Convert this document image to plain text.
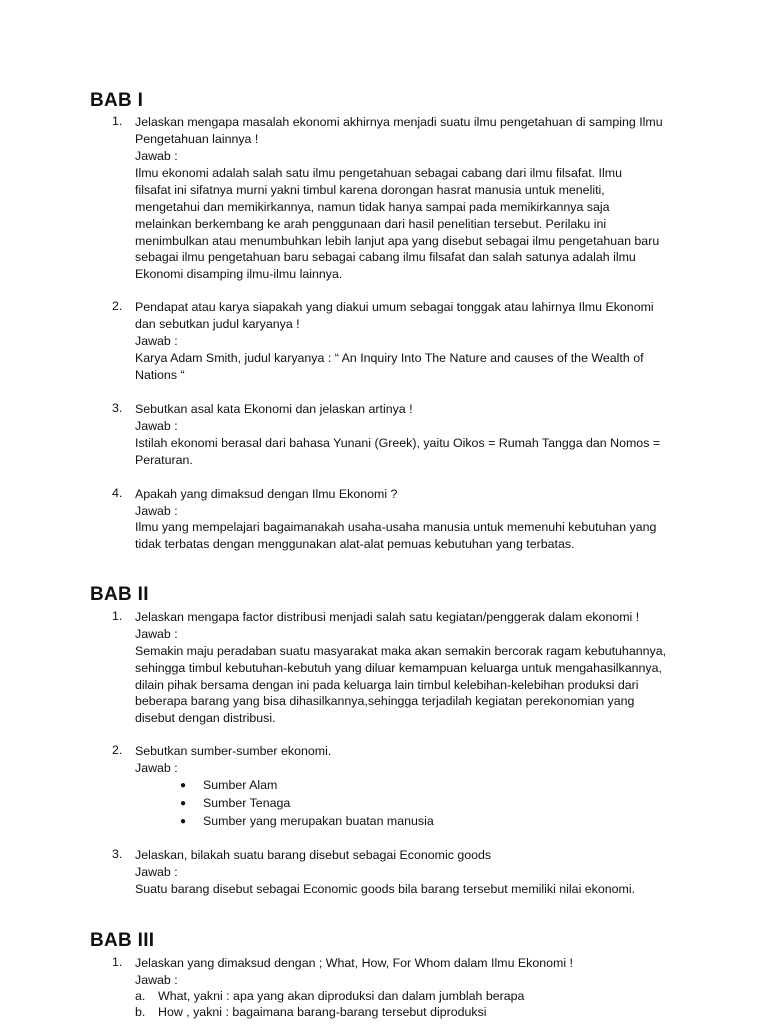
BAB I
1. Jelaskan mengapa masalah ekonomi akhirnya menjadi suatu ilmu pengetahuan di samping Ilmu
Pengetahuan lainnya !
Jawab :
Ilmu ekonomi adalah salah satu ilmu pengetahuan sebagai cabang dari ilmu filsafat. Ilmu
filsafat ini sifatnya murni yakni timbul karena dorongan hasrat manusia untuk meneliti,
mengetahui dan memikirkannya, namun tidak hanya sampai pada memikirkannya saja
melainkan berkembang ke arah penggunaan dari hasil penelitian tersebut. Perilaku ini
menimbulkan atau menumbuhkan lebih lanjut apa yang disebut sebagai ilmu pengetahuan baru
sebagai ilmu pengetahuan baru sebagai cabang ilmu filsafat dan salah satunya adalah ilmu
Ekonomi disamping ilmu-ilmu lainnya.
2. Pendapat atau karya siapakah yang diakui umum sebagai tonggak atau lahirnya Ilmu Ekonomi
dan sebutkan judul karyanya !
Jawab :
Karya Adam Smith, judul karyanya : “ An Inquiry Into The Nature and causes of the Wealth of
Nations “
3. Sebutkan asal kata Ekonomi dan jelaskan artinya !
Jawab :
Istilah ekonomi berasal dari bahasa Yunani (Greek), yaitu Oikos = Rumah Tangga dan Nomos =
Peraturan.
4. Apakah yang dimaksud dengan Ilmu Ekonomi ?
Jawab :
Ilmu yang mempelajari bagaimanakah usaha-usaha manusia untuk memenuhi kebutuhan yang
tidak terbatas dengan menggunakan alat-alat pemuas kebutuhan yang terbatas.
BAB II
1. Jelaskan mengapa factor distribusi menjadi salah satu kegiatan/penggerak dalam ekonomi !
Jawab :
Semakin maju peradaban suatu masyarakat maka akan semakin bercorak ragam kebutuhannya,
sehingga timbul kebutuhan-kebutuh yang diluar kemampuan keluarga untuk mengahasilkannya,
dilain pihak bersama dengan ini pada keluarga lain timbul kelebihan-kelebihan produksi dari
beberapa barang yang bisa dihasilkannya,sehingga terjadilah kegiatan perekonomian yang
disebut dengan distribusi.
2. Sebutkan sumber-sumber ekonomi.
Jawab :
● Sumber Alam
● Sumber Tenaga
● Sumber yang merupakan buatan manusia
3. Jelaskan, bilakah suatu barang disebut sebagai Economic goods
Jawab :
Suatu barang disebut sebagai Economic goods bila barang tersebut memiliki nilai ekonomi.
BAB III
1. Jelaskan yang dimaksud dengan ; What, How, For Whom dalam Ilmu Ekonomi !
Jawab :
a. What, yakni : apa yang akan diproduksi dan dalam jumblah berapa
b. How , yakni : bagaimana barang-barang tersebut diproduksi
